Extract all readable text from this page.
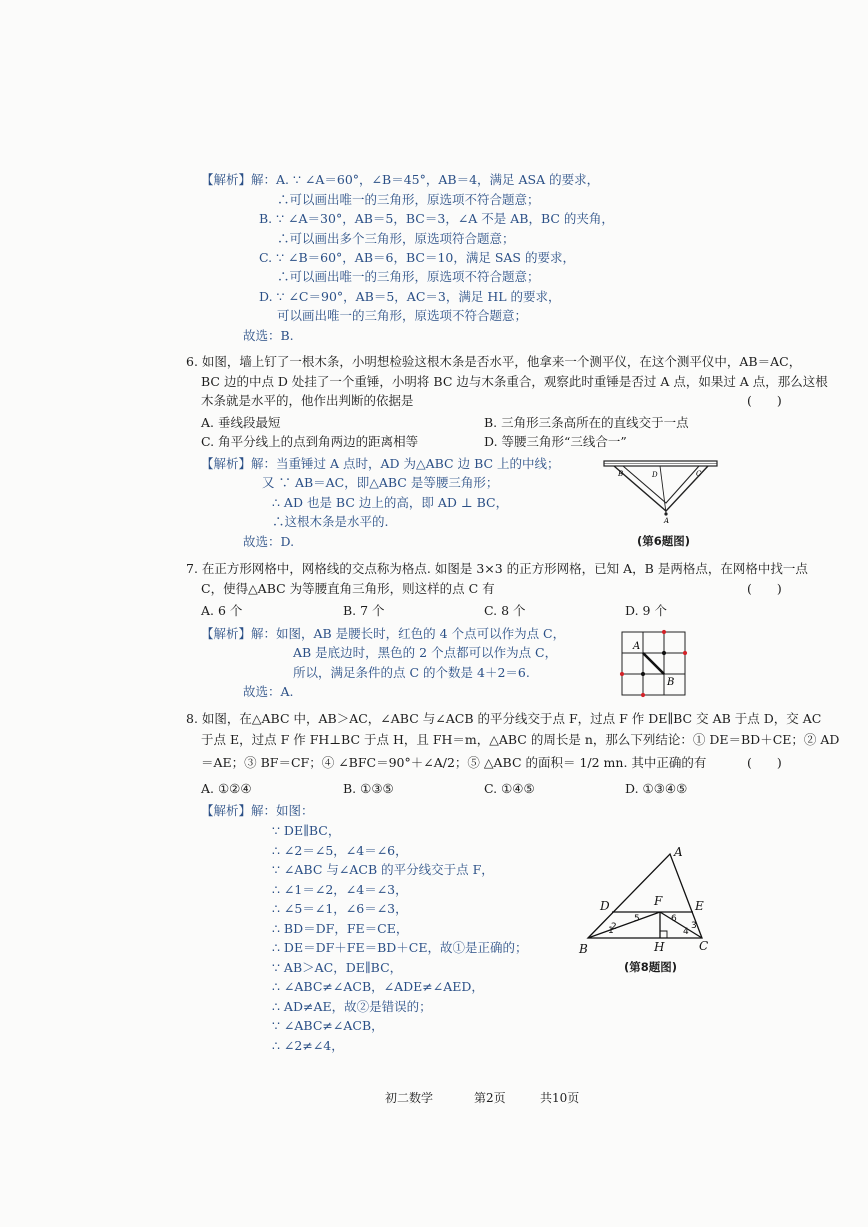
【解析】解：A. ∵ ∠A＝60°，∠B＝45°，AB＝4，满足 ASA 的要求，
∴可以画出唯一的三角形，原选项不符合题意；
B. ∵ ∠A＝30°，AB＝5，BC＝3，∠A 不是 AB，BC 的夹角，
∴可以画出多个三角形，原选项符合题意；
C. ∵ ∠B＝60°，AB＝6，BC＝10，满足 SAS 的要求，
∴可以画出唯一的三角形，原选项不符合题意；
D. ∵ ∠C＝90°，AB＝5，AC＝3，满足 HL 的要求，
可以画出唯一的三角形，原选项不符合题意；
故选：B.
6. 如图，墙上钉了一根木条，小明想检验这根木条是否水平，他拿来一个测平仪，在这个测平仪中，AB＝AC，
BC 边的中点 D 处挂了一个重锤，小明将 BC 边与木条重合，观察此时重锤是否过 A 点，如果过 A 点，那么这根
木条就是水平的，他作出判断的依据是	(　　)
A. 垂线段最短	B. 三角形三条高所在的直线交于一点
C. 角平分线上的点到角两边的距离相等	D. 等腰三角形“三线合一”
【解析】解：当重锤过 A 点时，AD 为△ABC 边 BC 上的中线；
又 ∵ AB＝AC，即△ABC 是等腰三角形；
∴ AD 也是 BC 边上的高，即 AD ⊥ BC，
∴这根木条是水平的.
故选：D.
B	D	C
A
(第6题图)
7. 在正方形网格中，网格线的交点称为格点. 如图是 3×3 的正方形网格，已知 A，B 是两格点，在网格中找一点
C，使得△ABC 为等腰直角三角形，则这样的点 C 有	(　　)
A. 6 个	B. 7 个	C. 8 个	D. 9 个
【解析】解：如图，AB 是腰长时，红色的 4 个点可以作为点 C，
AB 是底边时，黑色的 2 个点都可以作为点 C，
所以，满足条件的点 C 的个数是 4＋2＝6.
故选：A.
A
B
8. 如图，在△ABC 中，AB＞AC，∠ABC 与∠ACB 的平分线交于点 F，过点 F 作 DE∥BC 交 AB 于点 D，交 AC
于点 E，过点 F 作 FH⊥BC 于点 H，且 FH＝m，△ABC 的周长是 n，那么下列结论：① DE＝BD＋CE；② AD
＝AE；③ BF＝CF；④ ∠BFC＝90°＋∠A/2；⑤ △ABC 的面积＝ 1/2 mn. 其中正确的有	(　　)
A. ①②④	B. ①③⑤	C. ①④⑤	D. ①③④⑤
【解析】解：如图：
∵ DE∥BC，
∴ ∠2＝∠5，∠4＝∠6，
∵ ∠ABC 与∠ACB 的平分线交于点 F，
∴ ∠1＝∠2，∠4＝∠3，
∴ ∠5＝∠1，∠6＝∠3，
∴ BD＝DF，FE＝CE，
∴ DE＝DF＋FE＝BD＋CE，故①是正确的；
∵ AB＞AC，DE∥BC，
∴ ∠ABC≠∠ACB，∠ADE≠∠AED，
∴ AD≠AE，故②是错误的；
∵ ∠ABC≠∠ACB，
∴ ∠2≠∠4，
A
D	F	E
B	H	C
1
2	3
4
5	6
(第8题图)
初二数学	第2页	共10页
